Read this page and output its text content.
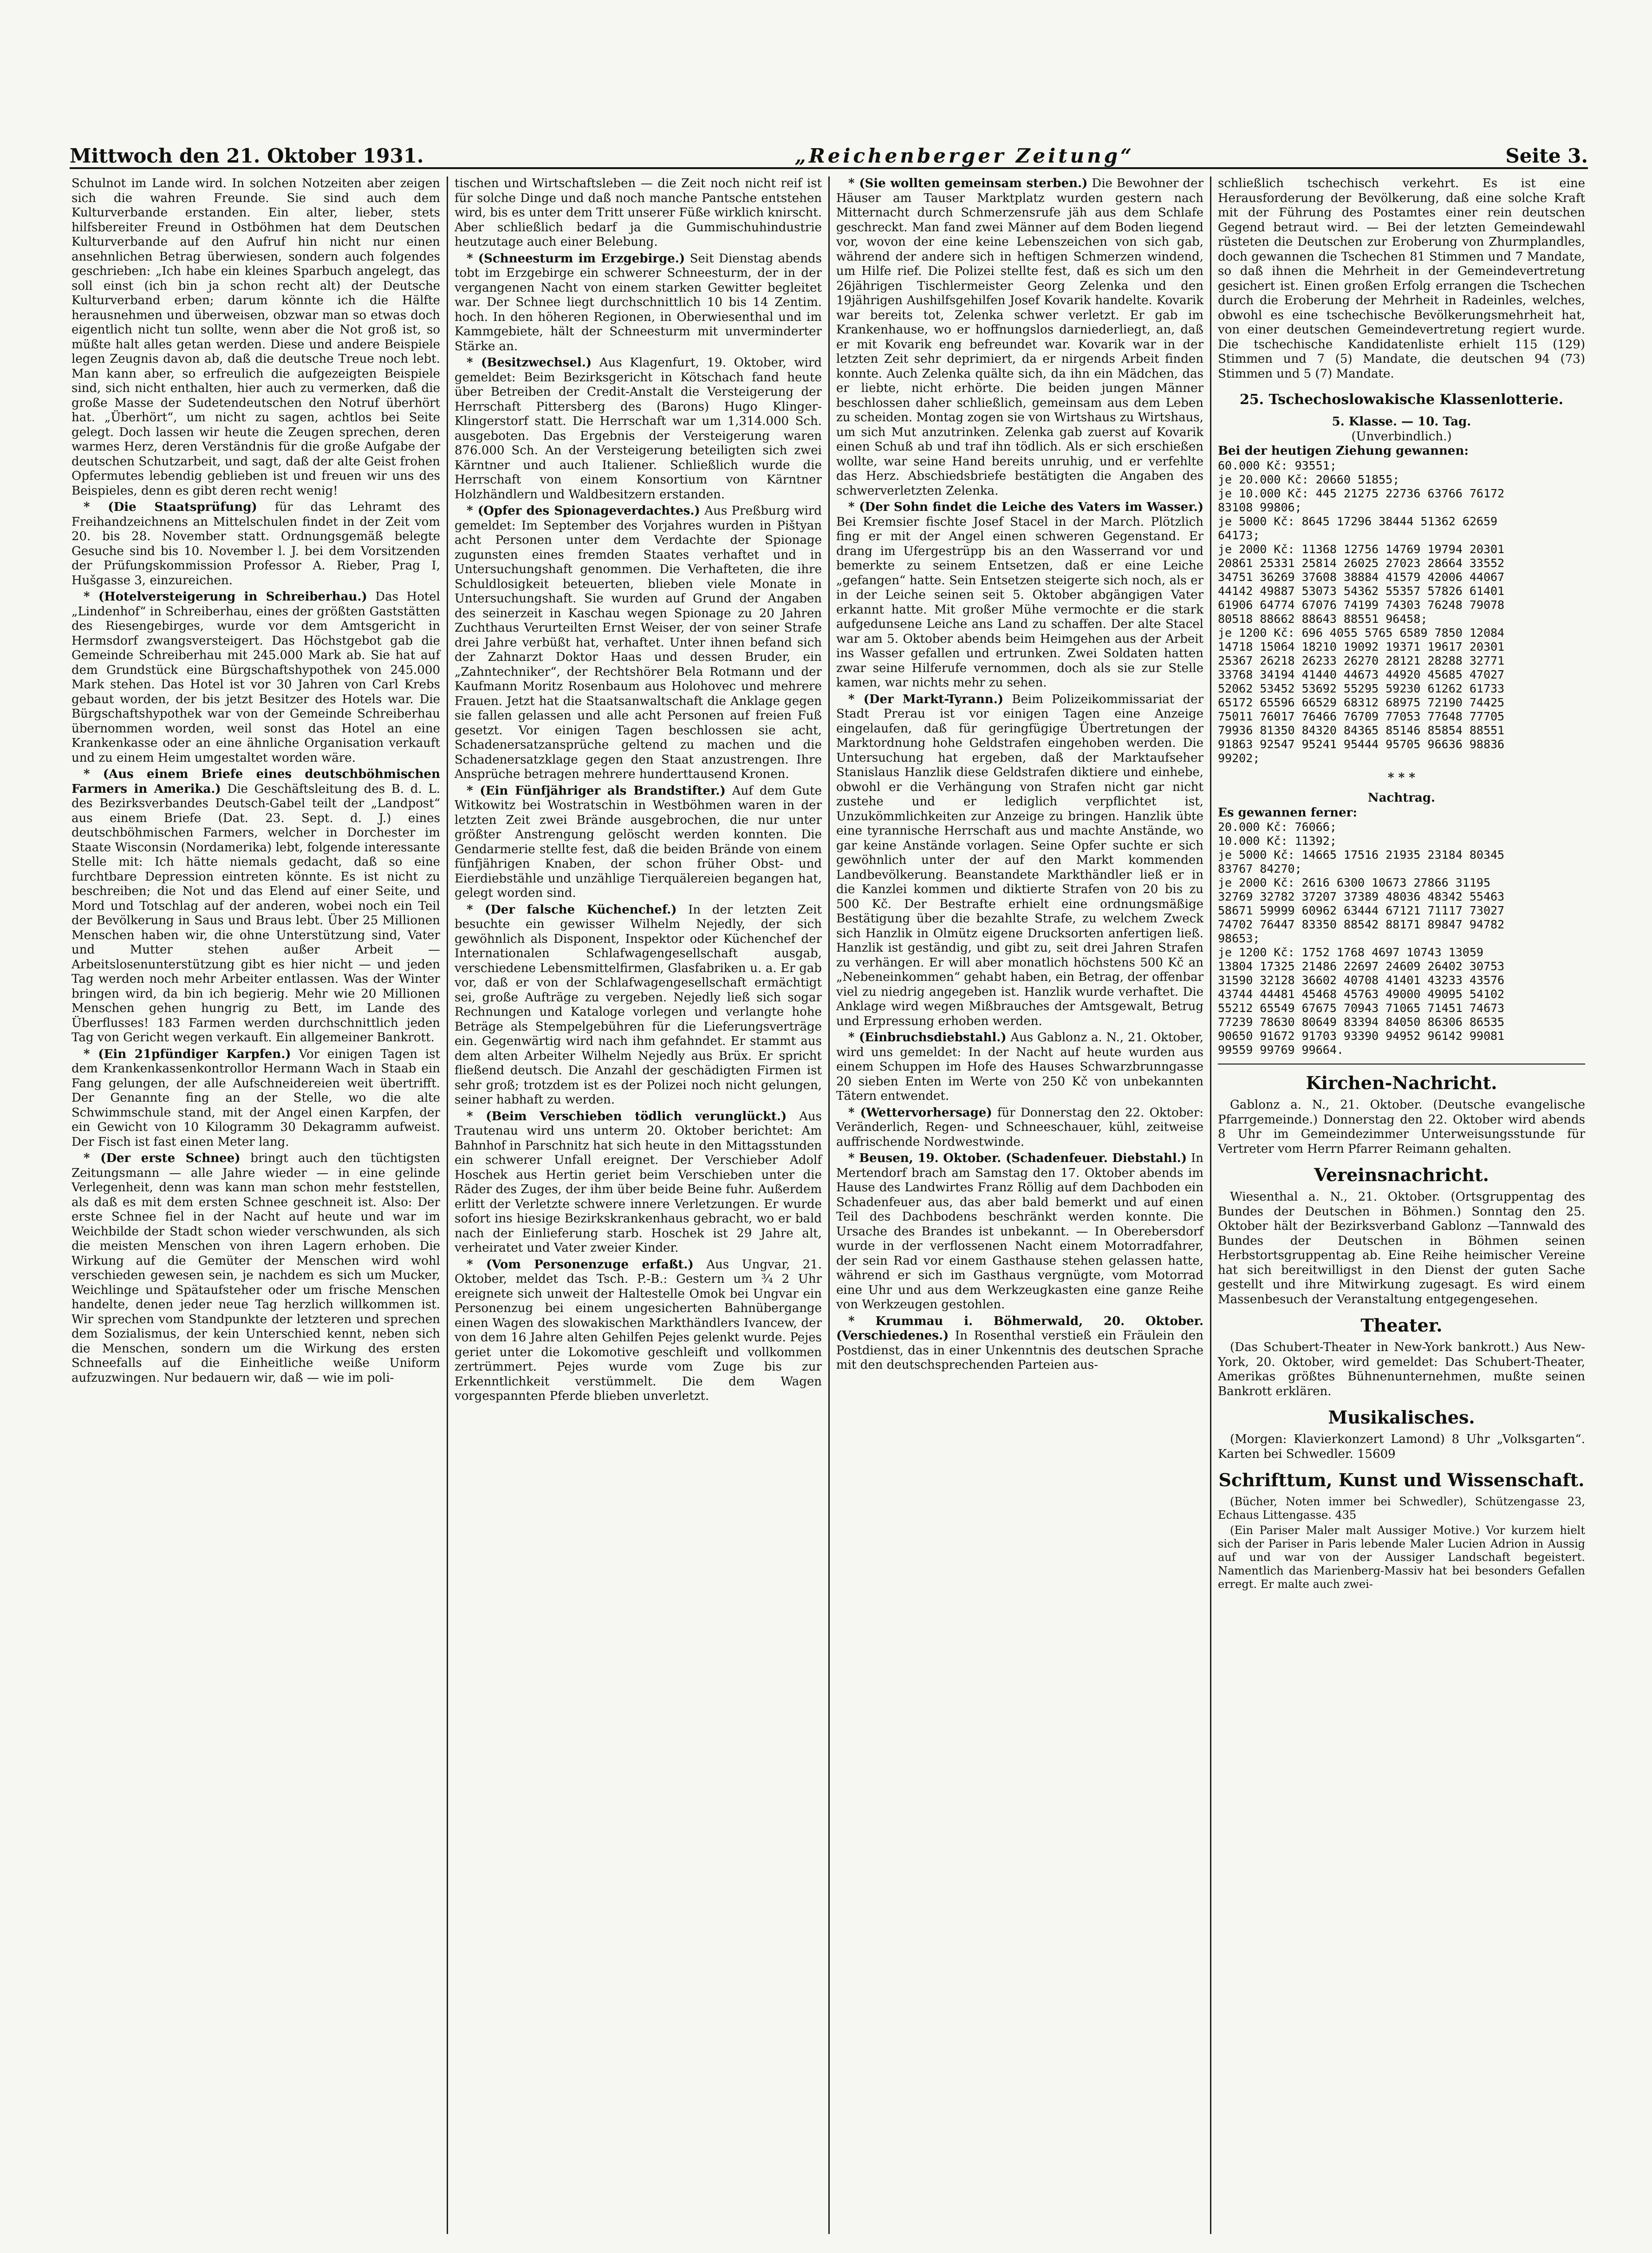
Mittwoch den 21. Oktober 1931.	„Reichenberger Zeitung“	Seite 3.

Schulnot im Lande wird. In solchen Notzeiten aber zeigen sich die wahren Freunde. Sie sind auch dem Kulturverbande erstanden. Ein alter, lieber, stets hilfsbereiter Freund in Ostböhmen hat dem Deutschen Kulturverbande auf den Aufruf hin nicht nur einen ansehnlichen Betrag überwiesen, sondern auch folgendes geschrieben: „Ich habe ein kleines Sparbuch angelegt, das soll einst (ich bin ja schon recht alt) der Deutsche Kulturverband erben; darum könnte ich die Hälfte herausnehmen und überweisen, obzwar man so etwas doch eigentlich nicht tun sollte, wenn aber die Not groß ist, so müßte halt alles getan werden. Diese und andere Beispiele legen Zeugnis davon ab, daß die deutsche Treue noch lebt. Man kann aber, so erfreulich die aufgezeigten Beispiele sind, sich nicht enthalten, hier auch zu vermerken, daß die große Masse der Sudetendeutschen den Notruf überhört hat. „Überhört“, um nicht zu sagen, achtlos bei Seite gelegt. Doch lassen wir heute die Zeugen sprechen, deren warmes Herz, deren Verständnis für die große Aufgabe der deutschen Schutzarbeit, und sagt, daß der alte Geist frohen Opfermutes lebendig geblieben ist und freuen wir uns des Beispieles, denn es gibt deren recht wenig!

* (Die Staatsprüfung) für das Lehramt des Freihandzeichnens an Mittelschulen findet in der Zeit vom 20. bis 28. November statt. Ordnungsgemäß belegte Gesuche sind bis 10. November l. J. bei dem Vorsitzenden der Prüfungskommission Professor A. Rieber, Prag I, Hušgasse 3, einzureichen.

* (Hotelversteigerung in Schreiberhau.) Das Hotel „Lindenhof“ in Schreiberhau, eines der größten Gaststätten des Riesengebirges, wurde vor dem Amtsgericht in Hermsdorf zwangsversteigert. Das Höchstgebot gab die Gemeinde Schreiberhau mit 245.000 Mark ab. Sie hat auf dem Grundstück eine Bürgschaftshypothek von 245.000 Mark stehen. Das Hotel ist vor 30 Jahren von Carl Krebs gebaut worden, der bis jetzt Besitzer des Hotels war. Die Bürgschaftshypothek war von der Gemeinde Schreiberhau übernommen worden, weil sonst das Hotel an eine Krankenkasse oder an eine ähnliche Organisation verkauft und zu einem Heim umgestaltet worden wäre.

* (Aus einem Briefe eines deutschböhmischen Farmers in Amerika.) Die Geschäftsleitung des B. d. L. des Bezirksverbandes Deutsch-Gabel teilt der „Landpost“ aus einem Briefe (Dat. 23. Sept. d. J.) eines deutschböhmischen Farmers, welcher in Dorchester im Staate Wisconsin (Nordamerika) lebt, folgende interessante Stelle mit: Ich hätte niemals gedacht, daß so eine furchtbare Depression eintreten könnte. Es ist nicht zu beschreiben; die Not und das Elend auf einer Seite, und Mord und Totschlag auf der anderen, wobei noch ein Teil der Bevölkerung in Saus und Braus lebt. Über 25 Millionen Menschen haben wir, die ohne Unterstützung sind, Vater und Mutter stehen außer Arbeit — Arbeitslosenunterstützung gibt es hier nicht — und jeden Tag werden noch mehr Arbeiter entlassen. Was der Winter bringen wird, da bin ich begierig. Mehr wie 20 Millionen Menschen gehen hungrig zu Bett, im Lande des Überflusses! 183 Farmen werden durchschnittlich jeden Tag von Gericht wegen verkauft. Ein allgemeiner Bankrott.

* (Ein 21pfündiger Karpfen.) Vor einigen Tagen ist dem Krankenkassenkontrollor Hermann Wach in Staab ein Fang gelungen, der alle Aufschneidereien weit übertrifft. Der Genannte fing an der Stelle, wo die alte Schwimmschule stand, mit der Angel einen Karpfen, der ein Gewicht von 10 Kilogramm 30 Dekagramm aufweist. Der Fisch ist fast einen Meter lang.

* (Der erste Schnee) bringt auch den tüchtigsten Zeitungsmann — alle Jahre wieder — in eine gelinde Verlegenheit, denn was kann man schon mehr feststellen, als daß es mit dem ersten Schnee geschneit ist. Also: Der erste Schnee fiel in der Nacht auf heute und war im Weichbilde der Stadt schon wieder verschwunden, als sich die meisten Menschen von ihren Lagern erhoben. Die Wirkung auf die Gemüter der Menschen wird wohl verschieden gewesen sein, je nachdem es sich um Mucker, Weichlinge und Spätaufsteher oder um frische Menschen handelte, denen jeder neue Tag herzlich willkommen ist. Wir sprechen vom Standpunkte der letzteren und sprechen dem Sozialismus, der kein Unterschied kennt, neben sich die Menschen, sondern um die Wirkung des ersten Schneefalls auf die Einheitliche weiße Uniform aufzuzwingen. Nur bedauern wir, daß — wie im poli-

tischen und Wirtschaftsleben — die Zeit noch nicht reif ist für solche Dinge und daß noch manche Pantsche entstehen wird, bis es unter dem Tritt unserer Füße wirklich knirscht. Aber schließlich bedarf ja die Gummischuhindustrie heutzutage auch einer Belebung.

* (Schneesturm im Erzgebirge.) Seit Dienstag abends tobt im Erzgebirge ein schwerer Schneesturm, der in der vergangenen Nacht von einem starken Gewitter begleitet war. Der Schnee liegt durchschnittlich 10 bis 14 Zentim. hoch. In den höheren Regionen, in Oberwiesenthal und im Kammgebiete, hält der Schneesturm mit unverminderter Stärke an.

* (Besitzwechsel.) Aus Klagenfurt, 19. Oktober, wird gemeldet: Beim Bezirksgericht in Kötschach fand heute über Betreiben der Credit-Anstalt die Versteigerung der Herrschaft Pittersberg des (Barons) Hugo Klinger-Klingerstorf statt. Die Herrschaft war um 1,314.000 Sch. ausgeboten. Das Ergebnis der Versteigerung waren 876.000 Sch. An der Versteigerung beteiligten sich zwei Kärntner und auch Italiener. Schließlich wurde die Herrschaft von einem Konsortium von Kärntner Holzhändlern und Waldbesitzern erstanden.

* (Opfer des Spionageverdachtes.) Aus Preßburg wird gemeldet: Im September des Vorjahres wurden in Pištyan acht Personen unter dem Verdachte der Spionage zugunsten eines fremden Staates verhaftet und in Untersuchungshaft genommen. Die Verhafteten, die ihre Schuldlosigkeit beteuerten, blieben viele Monate in Untersuchungshaft. Sie wurden auf Grund der Angaben des seinerzeit in Kaschau wegen Spionage zu 20 Jahren Zuchthaus Verurteilten Ernst Weiser, der von seiner Strafe drei Jahre verbüßt hat, verhaftet. Unter ihnen befand sich der Zahnarzt Doktor Haas und dessen Bruder, ein „Zahntechniker“, der Rechtshörer Bela Rotmann und der Kaufmann Moritz Rosenbaum aus Holohovec und mehrere Frauen. Jetzt hat die Staatsanwaltschaft die Anklage gegen sie fallen gelassen und alle acht Personen auf freien Fuß gesetzt. Vor einigen Tagen beschlossen sie acht, Schadenersatzansprüche geltend zu machen und die Schadenersatzklage gegen den Staat anzustrengen. Ihre Ansprüche betragen mehrere hunderttausend Kronen.

* (Ein Fünfjähriger als Brandstifter.) Auf dem Gute Witkowitz bei Wostratschin in Westböhmen waren in der letzten Zeit zwei Brände ausgebrochen, die nur unter größter Anstrengung gelöscht werden konnten. Die Gendarmerie stellte fest, daß die beiden Brände von einem fünfjährigen Knaben, der schon früher Obst- und Eierdiebstähle und unzählige Tierquälereien begangen hat, gelegt worden sind.

* (Der falsche Küchenchef.) In der letzten Zeit besuchte ein gewisser Wilhelm Nejedly, der sich gewöhnlich als Disponent, Inspektor oder Küchenchef der Internationalen Schlafwagengesellschaft ausgab, verschiedene Lebensmittelfirmen, Glasfabriken u. a. Er gab vor, daß er von der Schlafwagengesellschaft ermächtigt sei, große Aufträge zu vergeben. Nejedly ließ sich sogar Rechnungen und Kataloge vorlegen und verlangte hohe Beträge als Stempelgebühren für die Lieferungsverträge ein. Gegenwärtig wird nach ihm gefahndet. Er stammt aus dem alten Arbeiter Wilhelm Nejedly aus Brüx. Er spricht fließend deutsch. Die Anzahl der geschädigten Firmen ist sehr groß; trotzdem ist es der Polizei noch nicht gelungen, seiner habhaft zu werden.

* (Beim Verschieben tödlich verunglückt.) Aus Trautenau wird uns unterm 20. Oktober berichtet: Am Bahnhof in Parschnitz hat sich heute in den Mittagsstunden ein schwerer Unfall ereignet. Der Verschieber Adolf Hoschek aus Hertin geriet beim Verschieben unter die Räder des Zuges, der ihm über beide Beine fuhr. Außerdem erlitt der Verletzte schwere innere Verletzungen. Er wurde sofort ins hiesige Bezirkskrankenhaus gebracht, wo er bald nach der Einlieferung starb. Hoschek ist 29 Jahre alt, verheiratet und Vater zweier Kinder.

* (Vom Personenzuge erfaßt.) Aus Ungvar, 21. Oktober, meldet das Tsch. P.-B.: Gestern um ¾ 2 Uhr ereignete sich unweit der Haltestelle Omok bei Ungvar ein Personenzug bei einem ungesicherten Bahnübergange einen Wagen des slowakischen Markthändlers Ivancew, der von dem 16 Jahre alten Gehilfen Pejes gelenkt wurde. Pejes geriet unter die Lokomotive geschleift und vollkommen zertrümmert. Pejes wurde vom Zuge bis zur Erkenntlichkeit verstümmelt. Die dem Wagen vorgespannten Pferde blieben unverletzt.

* (Sie wollten gemeinsam sterben.) Die Bewohner der Häuser am Tauser Marktplatz wurden gestern nach Mitternacht durch Schmerzensrufe jäh aus dem Schlafe geschreckt. Man fand zwei Männer auf dem Boden liegend vor, wovon der eine keine Lebenszeichen von sich gab, während der andere sich in heftigen Schmerzen windend, um Hilfe rief. Die Polizei stellte fest, daß es sich um den 26jährigen Tischlermeister Georg Zelenka und den 19jährigen Aushilfsgehilfen Josef Kovarik handelte. Kovarik war bereits tot, Zelenka schwer verletzt. Er gab im Krankenhause, wo er hoffnungslos darniederliegt, an, daß er mit Kovarik eng befreundet war. Kovarik war in der letzten Zeit sehr deprimiert, da er nirgends Arbeit finden konnte. Auch Zelenka quälte sich, da ihn ein Mädchen, das er liebte, nicht erhörte. Die beiden jungen Männer beschlossen daher schließlich, gemeinsam aus dem Leben zu scheiden. Montag zogen sie von Wirtshaus zu Wirtshaus, um sich Mut anzutrinken. Zelenka gab zuerst auf Kovarik einen Schuß ab und traf ihn tödlich. Als er sich erschießen wollte, war seine Hand bereits unruhig, und er verfehlte das Herz. Abschiedsbriefe bestätigten die Angaben des schwerverletzten Zelenka.

* (Der Sohn findet die Leiche des Vaters im Wasser.) Bei Kremsier fischte Josef Stacel in der March. Plötzlich fing er mit der Angel einen schweren Gegenstand. Er drang im Ufergestrüpp bis an den Wasserrand vor und bemerkte zu seinem Entsetzen, daß er eine Leiche „gefangen“ hatte. Sein Entsetzen steigerte sich noch, als er in der Leiche seinen seit 5. Oktober abgängigen Vater erkannt hatte. Mit großer Mühe vermochte er die stark aufgedunsene Leiche ans Land zu schaffen. Der alte Stacel war am 5. Oktober abends beim Heimgehen aus der Arbeit ins Wasser gefallen und ertrunken. Zwei Soldaten hatten zwar seine Hilferufe vernommen, doch als sie zur Stelle kamen, war nichts mehr zu sehen.

* (Der Markt-Tyrann.) Beim Polizeikommissariat der Stadt Prerau ist vor einigen Tagen eine Anzeige eingelaufen, daß für geringfügige Übertretungen der Marktordnung hohe Geldstrafen eingehoben werden. Die Untersuchung hat ergeben, daß der Marktaufseher Stanislaus Hanzlik diese Geldstrafen diktiere und einhebe, obwohl er die Verhängung von Strafen nicht gar nicht zustehe und er lediglich verpflichtet ist, Unzukömmlichkeiten zur Anzeige zu bringen. Hanzlik übte eine tyrannische Herrschaft aus und machte Anstände, wo gar keine Anstände vorlagen. Seine Opfer suchte er sich gewöhnlich unter der auf den Markt kommenden Landbevölkerung. Beanstandete Markthändler ließ er in die Kanzlei kommen und diktierte Strafen von 20 bis zu 500 Kč. Der Bestrafte erhielt eine ordnungsmäßige Bestätigung über die bezahlte Strafe, zu welchem Zweck sich Hanzlik in Olmütz eigene Drucksorten anfertigen ließ. Hanzlik ist geständig, und gibt zu, seit drei Jahren Strafen zu verhängen. Er will aber monatlich höchstens 500 Kč an „Nebeneinkommen“ gehabt haben, ein Betrag, der offenbar viel zu niedrig angegeben ist. Hanzlik wurde verhaftet. Die Anklage wird wegen Mißbrauches der Amtsgewalt, Betrug und Erpressung erhoben werden.

* (Einbruchsdiebstahl.) Aus Gablonz a. N., 21. Oktober, wird uns gemeldet: In der Nacht auf heute wurden aus einem Schuppen im Hofe des Hauses Schwarzbrunngasse 20 sieben Enten im Werte von 250 Kč von unbekannten Tätern entwendet.

* (Wettervorhersage) für Donnerstag den 22. Oktober: Veränderlich, Regen- und Schneeschauer, kühl, zeitweise auffrischende Nordwestwinde.

* Beusen, 19. Oktober. (Schadenfeuer. Diebstahl.) In Mertendorf brach am Samstag den 17. Oktober abends im Hause des Landwirtes Franz Röllig auf dem Dachboden ein Schadenfeuer aus, das aber bald bemerkt und auf einen Teil des Dachbodens beschränkt werden konnte. Die Ursache des Brandes ist unbekannt. — In Oberebersdorf wurde in der verflossenen Nacht einem Motorradfahrer, der sein Rad vor einem Gasthause stehen gelassen hatte, während er sich im Gasthaus vergnügte, vom Motorrad eine Uhr und aus dem Werkzeugkasten eine ganze Reihe von Werkzeugen gestohlen.

* Krummau i. Böhmerwald, 20. Oktober. (Verschiedenes.) In Rosenthal verstieß ein Fräulein den Postdienst, das in einer Unkenntnis des deutschen Sprache mit den deutschsprechenden Parteien aus-

schließlich tschechisch verkehrt. Es ist eine Herausforderung der Bevölkerung, daß eine solche Kraft mit der Führung des Postamtes einer rein deutschen Gegend betraut wird. — Bei der letzten Gemeindewahl rüsteten die Deutschen zur Eroberung von Zhurmplandles, doch gewannen die Tschechen 81 Stimmen und 7 Mandate, so daß ihnen die Mehrheit in der Gemeindevertretung gesichert ist. Einen großen Erfolg errangen die Tschechen durch die Eroberung der Mehrheit in Radeinles, welches, obwohl es eine tschechische Bevölkerungsmehrheit hat, von einer deutschen Gemeindevertretung regiert wurde. Die tschechische Kandidatenliste erhielt 115 (129) Stimmen und 7 (5) Mandate, die deutschen 94 (73) Stimmen und 5 (7) Mandate.

25. Tschechoslowakische Klassenlotterie.
5. Klasse. — 10. Tag.
(Unverbindlich.)
Bei der heutigen Ziehung gewannen:
60.000 Kč: 93551;
je 20.000 Kč: 20660 51855;
je 10.000 Kč: 445 21275 22736 63766 76172
83108 99806;
je 5000 Kč: 8645 17296 38444 51362 62659
64173;
je 2000 Kč: 11368 12756 14769 19794 20301
20861 25331 25814 26025 27023 28664 33552
34751 36269 37608 38884 41579 42006 44067
44142 49887 53073 54362 55357 57826 61401
61906 64774 67076 74199 74303 76248 79078
80518 88662 88643 88551 96458;
je 1200 Kč: 696 4055 5765 6589 7850 12084
14718 15064 18210 19092 19371 19617 20301
25367 26218 26233 26270 28121 28288 32771
33768 34194 41440 44673 44920 45685 47027
52062 53452 53692 55295 59230 61262 61733
65172 65596 66529 68312 68975 72190 74425
75011 76017 76466 76709 77053 77648 77705
79936 81350 84320 84365 85146 85854 88551
91863 92547 95241 95444 95705 96636 98836
99202;
* * *
Nachtrag.
Es gewannen ferner:
20.000 Kč: 76066;
10.000 Kč: 11392;
je 5000 Kč: 14665 17516 21935 23184 80345
83767 84270;
je 2000 Kč: 2616 6300 10673 27866 31195
32769 32782 37207 37389 48036 48342 55463
58671 59999 60962 63444 67121 71117 73027
74702 76447 83350 88542 88171 89847 94782
98653;
je 1200 Kč: 1752 1768 4697 10743 13059
13804 17325 21486 22697 24609 26402 30753
31590 32128 36602 40708 41401 43233 43576
43744 44481 45468 45763 49000 49095 54102
55212 65549 67675 70943 71065 71451 74673
77239 78630 80649 83394 84050 86306 86535
90650 91672 91703 93390 94952 96142 99081
99559 99769 99664.
Kirchen-Nachricht.

Gablonz a. N., 21. Oktober. (Deutsche evangelische Pfarrgemeinde.) Donnerstag den 22. Oktober wird abends 8 Uhr im Gemeindezimmer Unterweisungsstunde für Vertreter vom Herrn Pfarrer Reimann gehalten.

Vereinsnachricht.

Wiesenthal a. N., 21. Oktober. (Ortsgruppentag des Bundes der Deutschen in Böhmen.) Sonntag den 25. Oktober hält der Bezirksverband Gablonz —Tannwald des Bundes der Deutschen in Böhmen seinen Herbstortsgruppentag ab. Eine Reihe heimischer Vereine hat sich bereitwilligst in den Dienst der guten Sache gestellt und ihre Mitwirkung zugesagt. Es wird einem Massenbesuch der Veranstaltung entgegengesehen.

Theater.

(Das Schubert-Theater in New-York bankrott.) Aus New-York, 20. Oktober, wird gemeldet: Das Schubert-Theater, Amerikas größtes Bühnenunternehmen, mußte seinen Bankrott erklären.

Musikalisches.

(Morgen: Klavierkonzert Lamond) 8 Uhr „Volksgarten“. Karten bei Schwedler. 15609

Schrifttum, Kunst und Wissenschaft.

(Bücher, Noten immer bei Schwedler), Schützengasse 23, Echaus Littengasse. 435

(Ein Pariser Maler malt Aussiger Motive.) Vor kurzem hielt sich der Pariser in Paris lebende Maler Lucien Adrion in Aussig auf und war von der Aussiger Landschaft begeistert. Namentlich das Marienberg-Massiv hat bei besonders Gefallen erregt. Er malte auch zwei-
